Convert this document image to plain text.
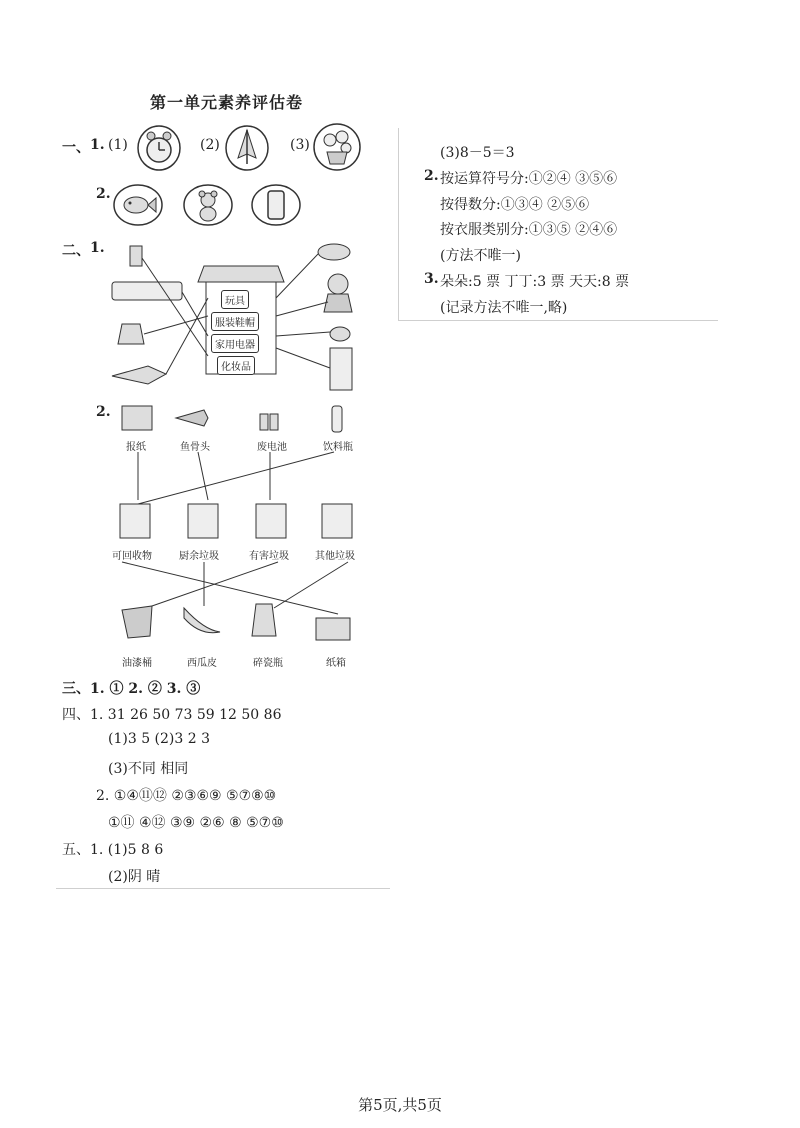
第一单元素养评估卷
一、 1. (1)	(2)	(3)
2.
二、 1.
玩具
服装鞋帽
家用电器
化妆品
2.
报纸	鱼骨头	废电池	饮料瓶
可回收物	厨余垃圾	有害垃圾	其他垃圾
油漆桶	西瓜皮	碎瓷瓶	纸箱
三、1. ① 2. ② 3. ③
四、1. 31 26 50 73 59 12 50 86
(1)3 5 (2)3 2 3
(3)不同 相同
2. ①④⑪⑫ ②③⑥⑨ ⑤⑦⑧⑩
①⑪ ④⑫ ③⑨ ②⑥ ⑧ ⑤⑦⑩
五、1. (1)5 8 6
(2)阴 晴
(3)8－5＝3
2. 按运算符号分:①②④ ③⑤⑥
按得数分:①③④ ②⑤⑥
按衣服类别分:①③⑤ ②④⑥
(方法不唯一)
3. 朵朵:5 票 丁丁:3 票 天天:8 票
(记录方法不唯一,略)
第5页,共5页
